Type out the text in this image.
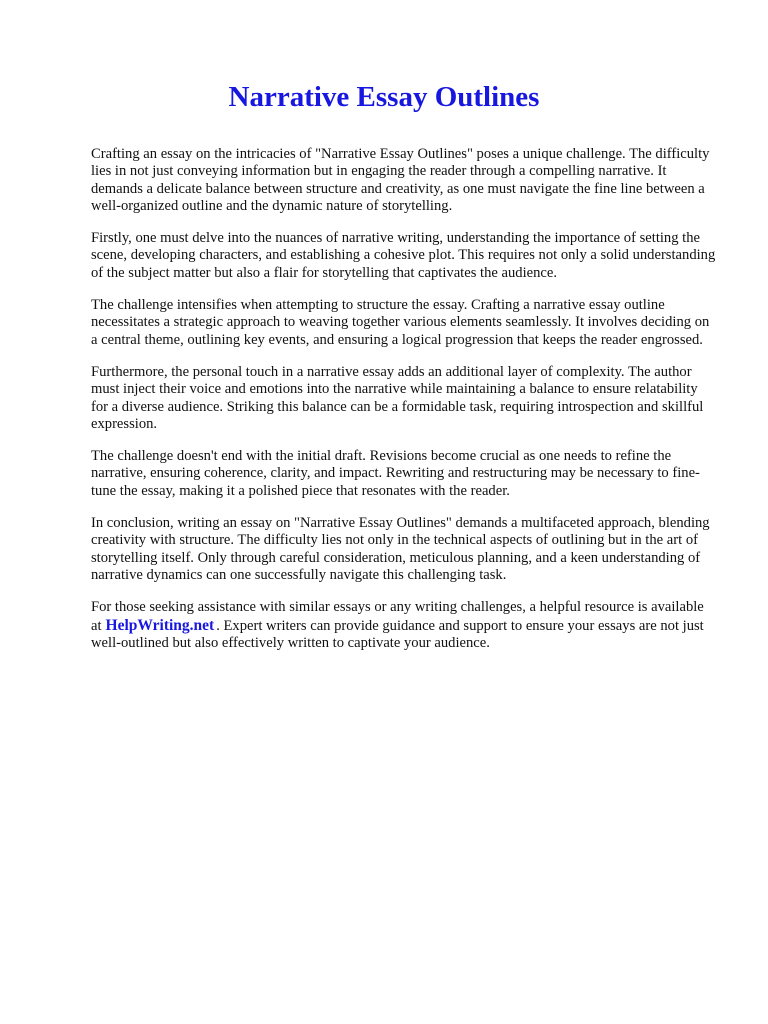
Narrative Essay Outlines

Crafting an essay on the intricacies of "Narrative Essay Outlines" poses a unique challenge. The difficulty lies in not just conveying information but in engaging the reader through a compelling narrative. It demands a delicate balance between structure and creativity, as one must navigate the fine line between a well-organized outline and the dynamic nature of storytelling.

Firstly, one must delve into the nuances of narrative writing, understanding the importance of setting the scene, developing characters, and establishing a cohesive plot. This requires not only a solid understanding of the subject matter but also a flair for storytelling that captivates the audience.

The challenge intensifies when attempting to structure the essay. Crafting a narrative essay outline necessitates a strategic approach to weaving together various elements seamlessly. It involves deciding on a central theme, outlining key events, and ensuring a logical progression that keeps the reader engrossed.

Furthermore, the personal touch in a narrative essay adds an additional layer of complexity. The author must inject their voice and emotions into the narrative while maintaining a balance to ensure relatability for a diverse audience. Striking this balance can be a formidable task, requiring introspection and skillful expression.

The challenge doesn't end with the initial draft. Revisions become crucial as one needs to refine the narrative, ensuring coherence, clarity, and impact. Rewriting and restructuring may be necessary to fine-tune the essay, making it a polished piece that resonates with the reader.

In conclusion, writing an essay on "Narrative Essay Outlines" demands a multifaceted approach, blending creativity with structure. The difficulty lies not only in the technical aspects of outlining but in the art of storytelling itself. Only through careful consideration, meticulous planning, and a keen understanding of narrative dynamics can one successfully navigate this challenging task.

For those seeking assistance with similar essays or any writing challenges, a helpful resource is available at HelpWriting.net . Expert writers can provide guidance and support to ensure your essays are not just well-outlined but also effectively written to captivate your audience.
